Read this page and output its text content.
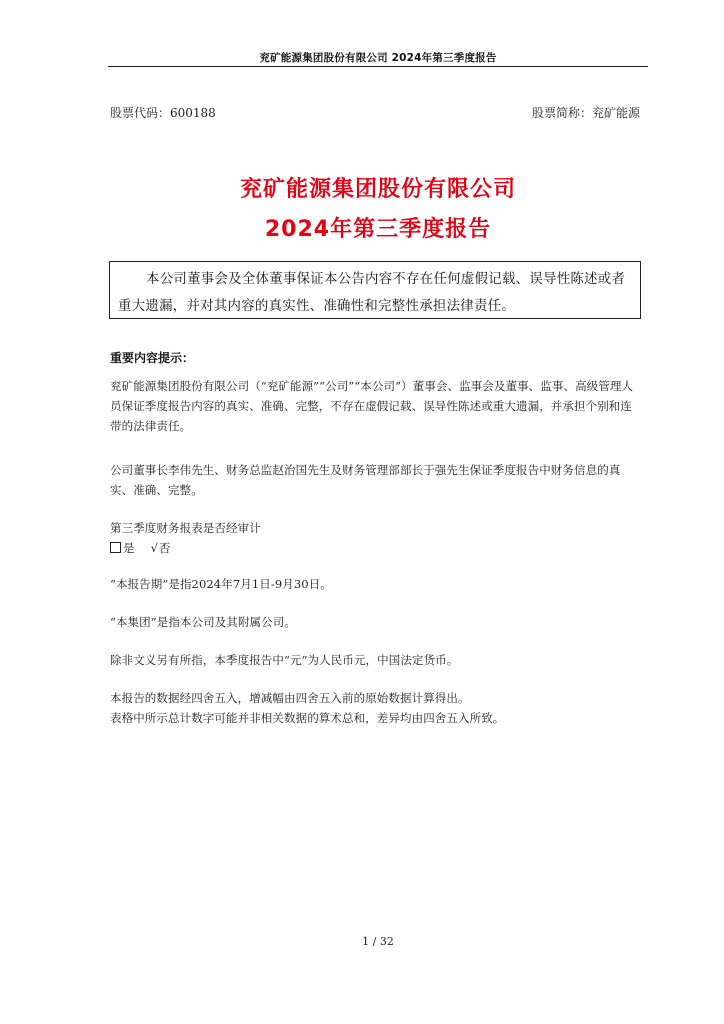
兖矿能源集团股份有限公司 2024年第三季度报告
股票代码：600188	股票简称：兖矿能源
兖矿能源集团股份有限公司
2024年第三季度报告

本公司董事会及全体董事保证本公告内容不存在任何虚假记载、误导性陈述或者重大遗漏，并对其内容的真实性、准确性和完整性承担法律责任。

重要内容提示：

兖矿能源集团股份有限公司（“兖矿能源”“公司”“本公司”）董事会、监事会及董事、监事、高级管理人员保证季度报告内容的真实、准确、完整，不存在虚假记载、误导性陈述或重大遗漏，并承担个别和连带的法律责任。

公司董事长李伟先生、财务总监赵治国先生及财务管理部部长于强先生保证季度报告中财务信息的真实、准确、完整。

第三季度财务报表是否经审计

是 √否

“本报告期”是指2024年7月1日-9月30日。

“本集团”是指本公司及其附属公司。

除非文义另有所指，本季度报告中“元”为人民币元，中国法定货币。

本报告的数据经四舍五入，增减幅由四舍五入前的原始数据计算得出。

表格中所示总计数字可能并非相关数据的算术总和，差异均由四舍五入所致。

1 / 32
